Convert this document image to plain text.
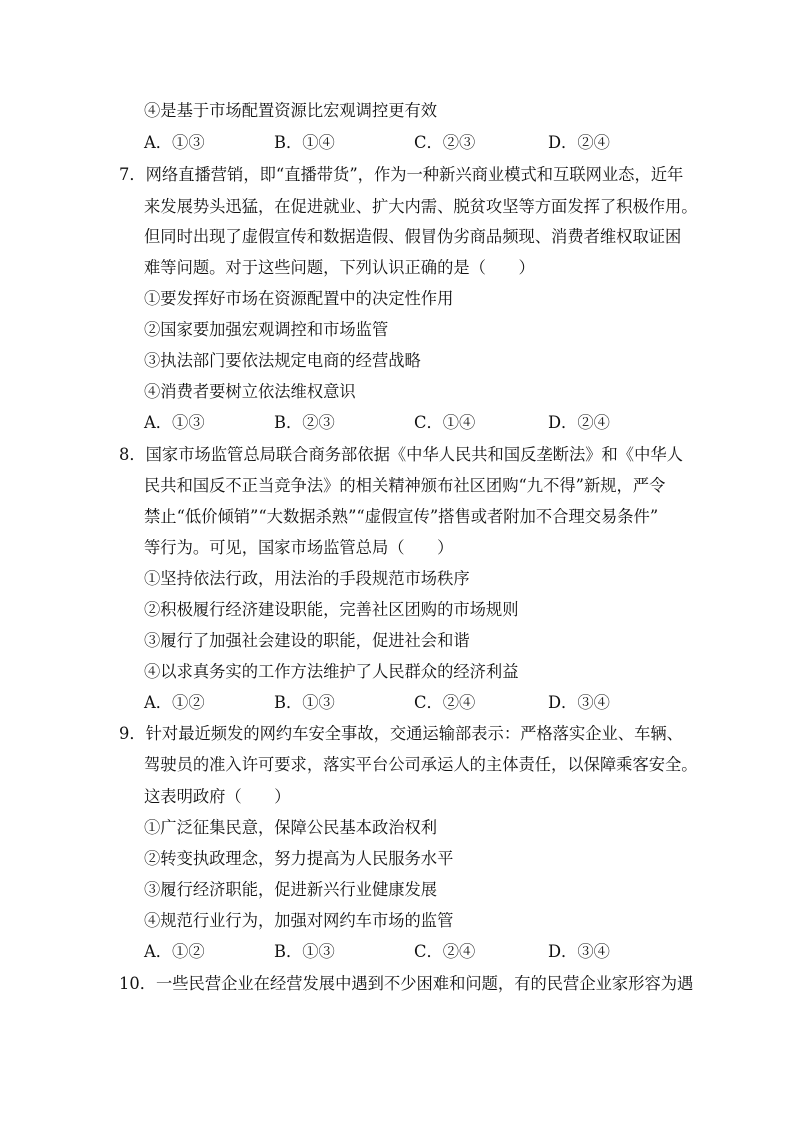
④是基于市场配置资源比宏观调控更有效
A．①③	B．①④	C．②③	D．②④
7．网络直播营销，即“直播带货”，作为一种新兴商业模式和互联网业态，近年
来发展势头迅猛，在促进就业、扩大内需、脱贫攻坚等方面发挥了积极作用。
但同时出现了虚假宣传和数据造假、假冒伪劣商品频现、消费者维权取证困
难等问题。对于这些问题，下列认识正确的是（　　）
①要发挥好市场在资源配置中的决定性作用
②国家要加强宏观调控和市场监管
③执法部门要依法规定电商的经营战略
④消费者要树立依法维权意识
A．①③	B．②③	C．①④	D．②④
8．国家市场监管总局联合商务部依据《中华人民共和国反垄断法》和《中华人
民共和国反不正当竞争法》的相关精神颁布社区团购“九不得”新规，严令
禁止“低价倾销”“大数据杀熟”“虚假宣传”搭售或者附加不合理交易条件”
等行为。可见，国家市场监管总局（　　）
①坚持依法行政，用法治的手段规范市场秩序
②积极履行经济建设职能，完善社区团购的市场规则
③履行了加强社会建设的职能，促进社会和谐
④以求真务实的工作方法维护了人民群众的经济利益
A．①②	B．①③	C．②④	D．③④
9．针对最近频发的网约车安全事故，交通运输部表示：严格落实企业、车辆、
驾驶员的准入许可要求，落实平台公司承运人的主体责任，以保障乘客安全。
这表明政府（　　）
①广泛征集民意，保障公民基本政治权利
②转变执政理念，努力提高为人民服务水平
③履行经济职能，促进新兴行业健康发展
④规范行业行为，加强对网约车市场的监管
A．①②	B．①③	C．②④	D．③④
10．一些民营企业在经营发展中遇到不少困难和问题，有的民营企业家形容为遇
